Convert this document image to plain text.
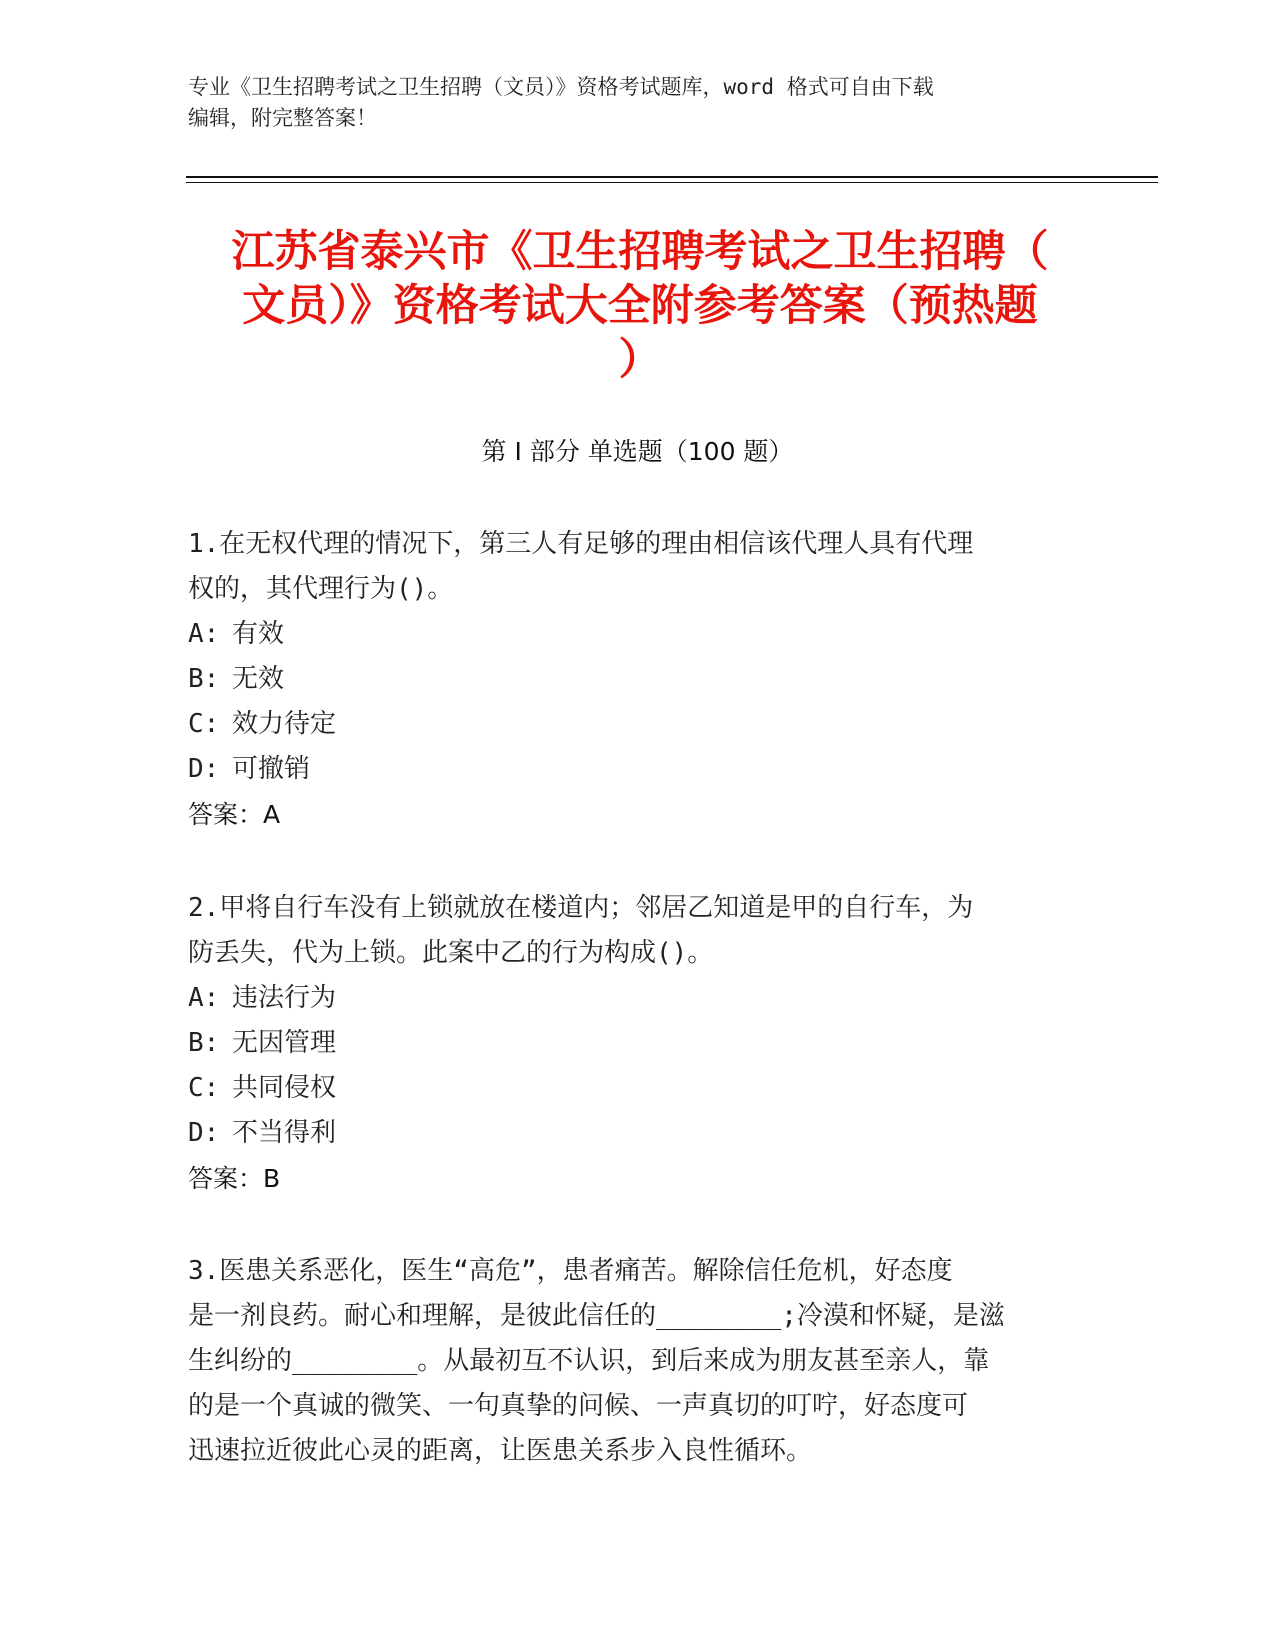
专业《卫生招聘考试之卫生招聘（文员）》资格考试题库，word 格式可自由下载
编辑，附完整答案！
江苏省泰兴市《卫生招聘考试之卫生招聘（
文员）》资格考试大全附参考答案（预热题
）
第 I 部分 单选题（100 题）
1.在无权代理的情况下，第三人有足够的理由相信该代理人具有代理
权的，其代理行为()。
A: 有效
B: 无效
C: 效力待定
D: 可撤销
答案：A
2.甲将自行车没有上锁就放在楼道内；邻居乙知道是甲的自行车，为
防丢失，代为上锁。此案中乙的行为构成()。
A: 违法行为
B: 无因管理
C: 共同侵权
D: 不当得利
答案：B
3.医患关系恶化，医生“高危”，患者痛苦。解除信任危机，好态度
是一剂良药。耐心和理解，是彼此信任的________;冷漠和怀疑，是滋
生纠纷的________。从最初互不认识，到后来成为朋友甚至亲人，靠
的是一个真诚的微笑、一句真挚的问候、一声真切的叮咛，好态度可
迅速拉近彼此心灵的距离，让医患关系步入良性循环。
